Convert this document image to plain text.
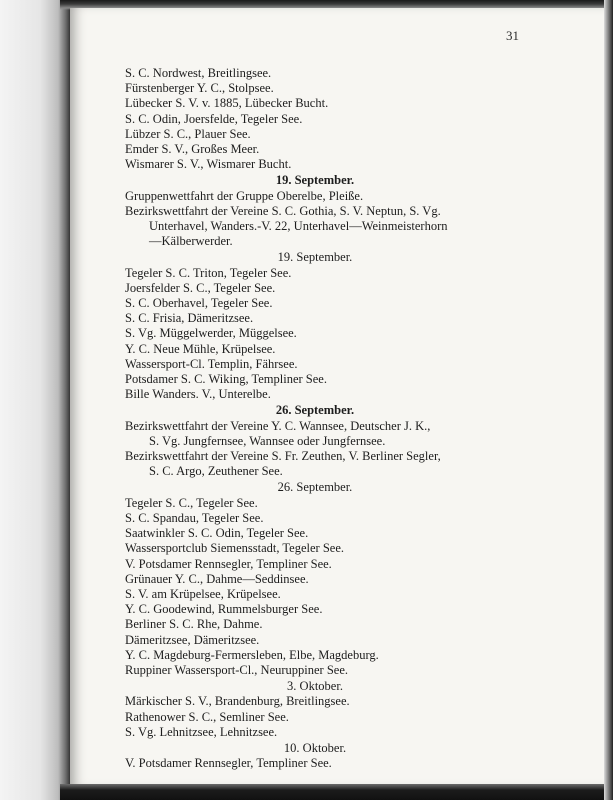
31
S. C. Nordwest, Breitlingsee.
Fürstenberger Y. C., Stolpsee.
Lübecker S. V. v. 1885, Lübecker Bucht.
S. C. Odin, Joersfelde, Tegeler See.
Lübzer S. C., Plauer See.
Emder S. V., Großes Meer.
Wismarer S. V., Wismarer Bucht.
19. September.
Gruppenwettfahrt der Gruppe Oberelbe, Pleiße.
Bezirkswettfahrt der Vereine S. C. Gothia, S. V. Neptun, S. Vg.
Unterhavel, Wanders.-V. 22, Unterhavel—Weinmeisterhorn
—Kälberwerder.
19. September.
Tegeler S. C. Triton, Tegeler See.
Joersfelder S. C., Tegeler See.
S. C. Oberhavel, Tegeler See.
S. C. Frisia, Dämeritzsee.
S. Vg. Müggelwerder, Müggelsee.
Y. C. Neue Mühle, Krüpelsee.
Wassersport-Cl. Templin, Fährsee.
Potsdamer S. C. Wiking, Templiner See.
Bille Wanders. V., Unterelbe.
26. September.
Bezirkswettfahrt der Vereine Y. C. Wannsee, Deutscher J. K.,
S. Vg. Jungfernsee, Wannsee oder Jungfernsee.
Bezirkswettfahrt der Vereine S. Fr. Zeuthen, V. Berliner Segler,
S. C. Argo, Zeuthener See.
26. September.
Tegeler S. C., Tegeler See.
S. C. Spandau, Tegeler See.
Saatwinkler S. C. Odin, Tegeler See.
Wassersportclub Siemensstadt, Tegeler See.
V. Potsdamer Rennsegler, Templiner See.
Grünauer Y. C., Dahme—Seddinsee.
S. V. am Krüpelsee, Krüpelsee.
Y. C. Goodewind, Rummelsburger See.
Berliner S. C. Rhe, Dahme.
Dämeritzsee, Dämeritzsee.
Y. C. Magdeburg-Fermersleben, Elbe, Magdeburg.
Ruppiner Wassersport-Cl., Neuruppiner See.
3. Oktober.
Märkischer S. V., Brandenburg, Breitlingsee.
Rathenower S. C., Semliner See.
S. Vg. Lehnitzsee, Lehnitzsee.
10. Oktober.
V. Potsdamer Rennsegler, Templiner See.
